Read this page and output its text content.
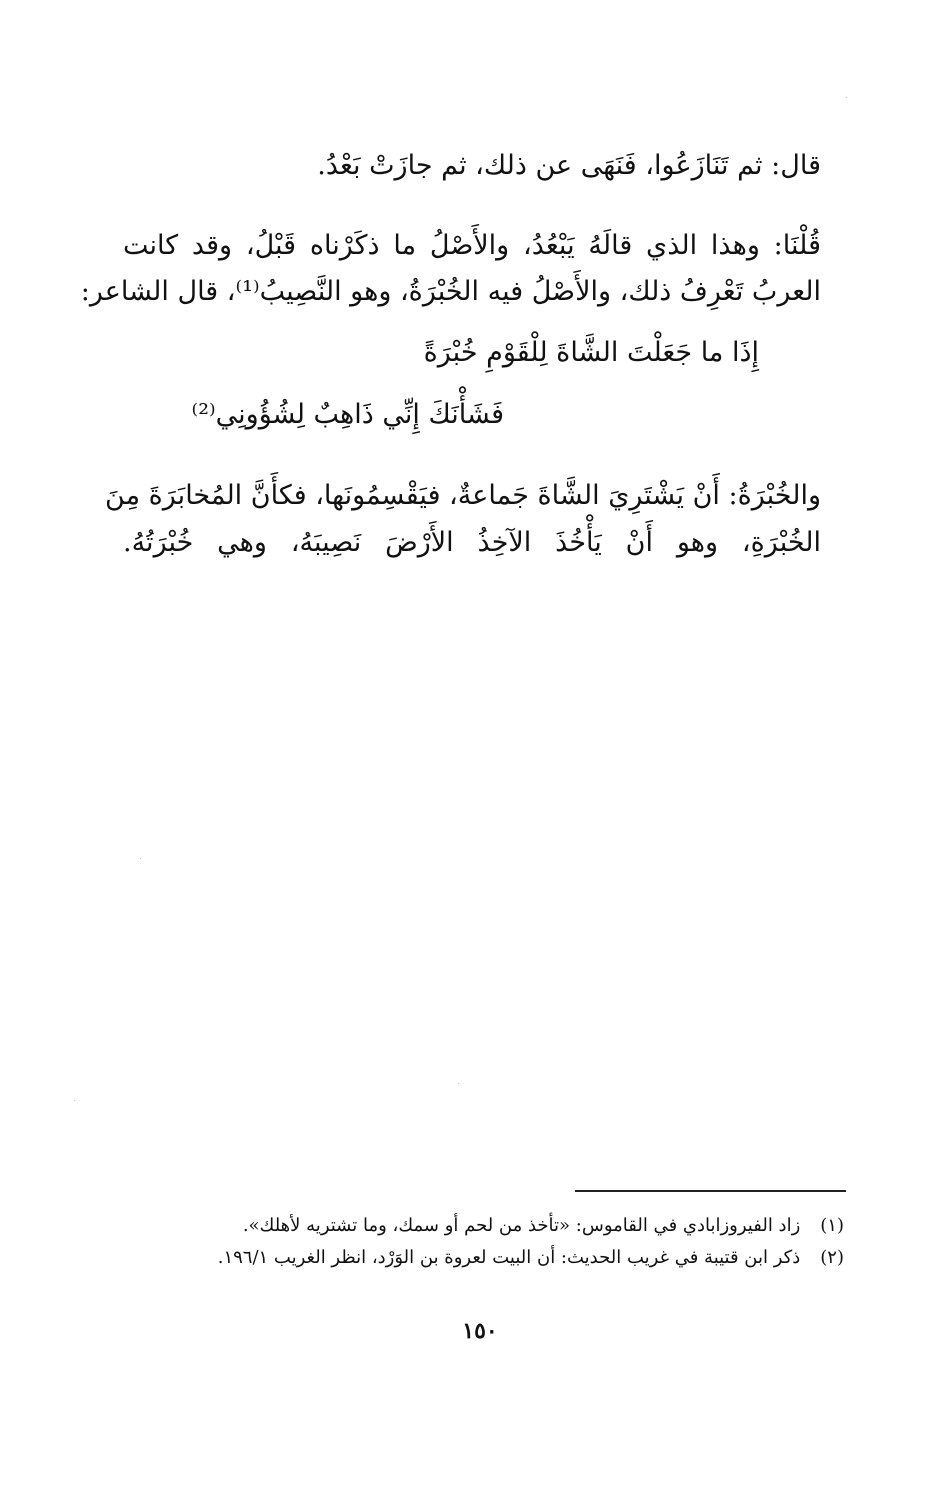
قال: ثم تَنَازَعُوا، فَنَهَى عن ذلك، ثم جازَتْ بَعْدُ.
قُلْنَا: وهذا الذي قالَهُ يَبْعُدُ، والأَصْلُ ما ذكَرْناه قَبْلُ، وقد كانت
العربُ تَعْرِفُ ذلك، والأَصْلُ فيه الخُبْرَةُ، وهو النَّصِيبُ⁽¹⁾، قال الشاعر:
إِذَا ما جَعَلْتَ الشَّاةَ لِلْقَوْمِ خُبْرَةً
فَشَأْنَكَ إِنِّي ذَاهِبٌ لِشُؤُونِي⁽²⁾
والخُبْرَةُ: أَنْ يَشْتَرِيَ الشَّاةَ جَماعةٌ، فيَقْسِمُونَها، فكأَنَّ المُخابَرَةَ مِنَ
الخُبْرَةِ، وهو أَنْ يَأْخُذَ الآخِذُ الأَرْضَ نَصِيبَهُ، وهي خُبْرَتُهُ.
(١) زاد الفيروزابادي في القاموس: «تأخذ من لحم أو سمك، وما تشتريه لأهلك».
(٢) ذكر ابن قتيبة في غريب الحديث: أن البيت لعروة بن الوَرْد، انظر الغريب ١٩٦/١.
١٥٠
